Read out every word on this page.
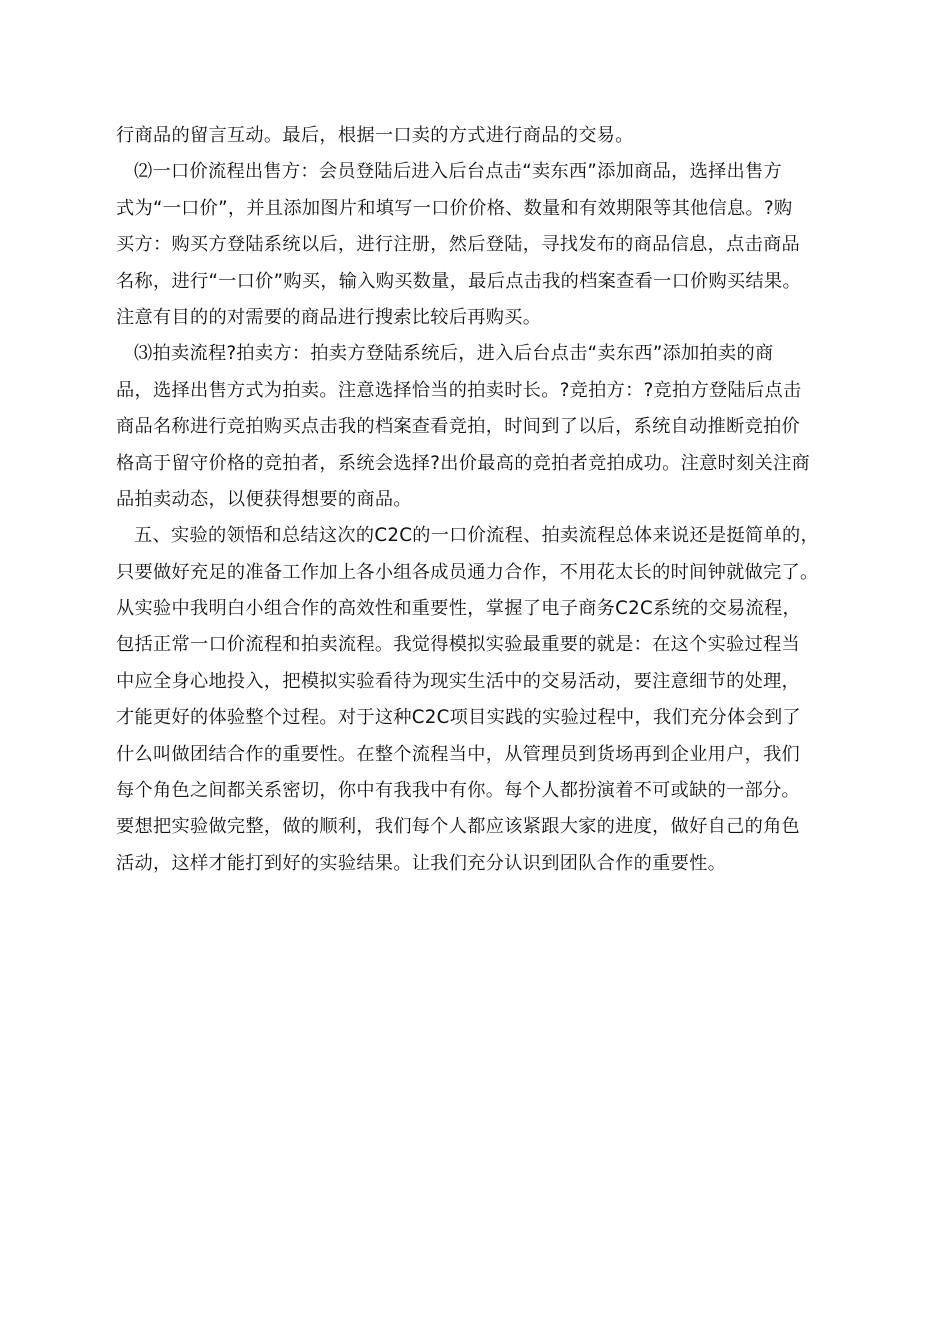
行商品的留言互动。最后，根据一口卖的方式进行商品的交易。
⑵一口价流程出售方：会员登陆后进入后台点击“卖东西”添加商品，选择出售方
式为“一口价”，并且添加图片和填写一口价价格、数量和有效期限等其他信息。?购
买方：购买方登陆系统以后，进行注册，然后登陆，寻找发布的商品信息，点击商品
名称，进行“一口价”购买，输入购买数量，最后点击我的档案查看一口价购买结果。
注意有目的的对需要的商品进行搜索比较后再购买。
⑶拍卖流程?拍卖方：拍卖方登陆系统后，进入后台点击“卖东西”添加拍卖的商
品，选择出售方式为拍卖。注意选择恰当的拍卖时长。?竞拍方：?竞拍方登陆后点击
商品名称进行竞拍购买点击我的档案查看竞拍，时间到了以后，系统自动推断竞拍价
格高于留守价格的竞拍者，系统会选择?出价最高的竞拍者竞拍成功。注意时刻关注商
品拍卖动态，以便获得想要的商品。
五、实验的领悟和总结这次的C2C的一口价流程、拍卖流程总体来说还是挺简单的，
只要做好充足的准备工作加上各小组各成员通力合作，不用花太长的时间钟就做完了。
从实验中我明白小组合作的高效性和重要性，掌握了电子商务C2C系统的交易流程，
包括正常一口价流程和拍卖流程。我觉得模拟实验最重要的就是：在这个实验过程当
中应全身心地投入，把模拟实验看待为现实生活中的交易活动，要注意细节的处理，
才能更好的体验整个过程。对于这种C2C项目实践的实验过程中，我们充分体会到了
什么叫做团结合作的重要性。在整个流程当中，从管理员到货场再到企业用户，我们
每个角色之间都关系密切，你中有我我中有你。每个人都扮演着不可或缺的一部分。
要想把实验做完整，做的顺利，我们每个人都应该紧跟大家的进度，做好自己的角色
活动，这样才能打到好的实验结果。让我们充分认识到团队合作的重要性。
